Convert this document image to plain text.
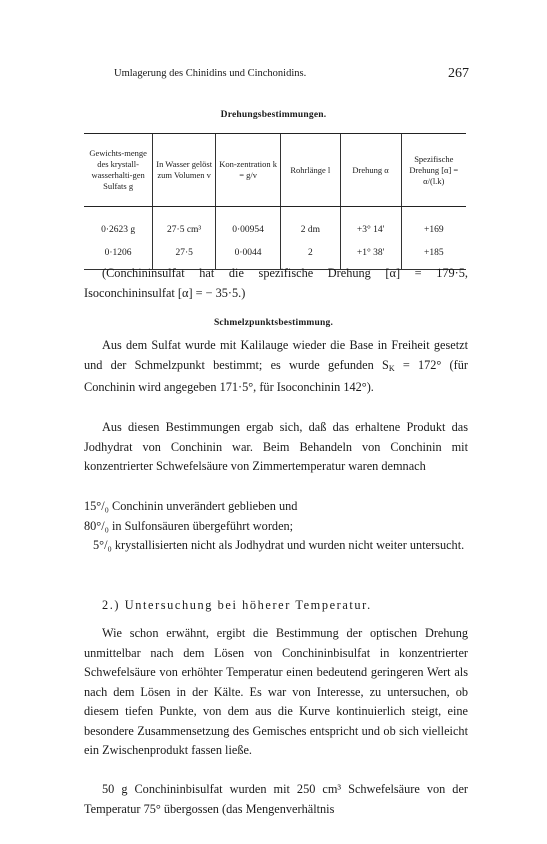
Umlagerung des Chinidins und Cinchonidins.	267
Drehungsbestimmungen.
Gewichts-menge des krystall-wasserhalti-gen Sulfats g	In Wasser gelöst zum Volumen v	Kon-zentration k = g/v	Rohrlänge l	Drehung α	Spezifische Drehung [α] = α/(l.k)
0·2623 g	27·5 cm³	0·00954	2 dm	+3° 14'	+169
0·1206	27·5	0·0044	2	+1° 38'	+185

(Conchininsulfat hat die spezifische Drehung [α] = 179·5, Isoconchininsulfat [α] = − 35·5.)

Schmelzpunktsbestimmung.

Aus dem Sulfat wurde mit Kalilauge wieder die Base in Freiheit gesetzt und der Schmelzpunkt bestimmt; es wurde gefunden $S_K = 172^\circ$ (für Conchinin wird angegeben 171·5°, für Isoconchinin 142°).

Aus diesen Bestimmungen ergab sich, daß das erhaltene Produkt das Jodhydrat von Conchinin war. Beim Behandeln von Conchinin mit konzentrierter Schwefelsäure von Zimmertemperatur waren demnach

15°/₀ Conchinin unverändert geblieben und
80°/₀ in Sulfonsäuren übergeführt worden;
5°/₀ krystallisierten nicht als Jodhydrat und wurden nicht weiter untersucht.

2.) Untersuchung bei höherer Temperatur.

Wie schon erwähnt, ergibt die Bestimmung der optischen Drehung unmittelbar nach dem Lösen von Conchininbisulfat in konzentrierter Schwefelsäure von erhöhter Temperatur einen bedeutend geringeren Wert als nach dem Lösen in der Kälte. Es war von Interesse, zu untersuchen, ob diesem tiefen Punkte, von dem aus die Kurve kontinuierlich steigt, eine besondere Zusammensetzung des Gemisches entspricht und ob sich vielleicht ein Zwischenprodukt fassen ließe.

50 g Conchininbisulfat wurden mit 250 cm³ Schwefelsäure von der Temperatur 75° übergossen (das Mengenverhältnis
